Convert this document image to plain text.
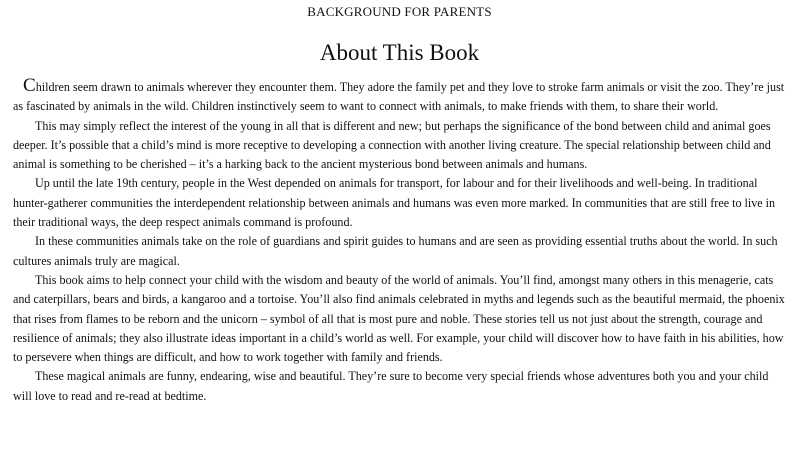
BACKGROUND FOR PARENTS
About This Book

Children seem drawn to animals wherever they encounter them. They adore the family pet and they love to stroke farm animals or visit the zoo. They’re just as fascinated by animals in the wild. Children instinctively seem to want to connect with animals, to make friends with them, to share their world.

This may simply reflect the interest of the young in all that is different and new; but perhaps the significance of the bond between child and animal goes deeper. It’s possible that a child’s mind is more receptive to developing a connection with another living creature. The special relationship between child and animal is something to be cherished – it’s a harking back to the ancient mysterious bond between animals and humans.

Up until the late 19th century, people in the West depended on animals for transport, for labour and for their livelihoods and well-being. In traditional hunter-gatherer communities the interdependent relationship between animals and humans was even more marked. In communities that are still free to live in their traditional ways, the deep respect animals command is profound.

In these communities animals take on the role of guardians and spirit guides to humans and are seen as providing essential truths about the world. In such cultures animals truly are magical.

This book aims to help connect your child with the wisdom and beauty of the world of animals. You’ll find, amongst many others in this menagerie, cats and caterpillars, bears and birds, a kangaroo and a tortoise. You’ll also find animals celebrated in myths and legends such as the beautiful mermaid, the phoenix that rises from flames to be reborn and the unicorn – symbol of all that is most pure and noble. These stories tell us not just about the strength, courage and resilience of animals; they also illustrate ideas important in a child’s world as well. For example, your child will discover how to have faith in his abilities, how to persevere when things are difficult, and how to work together with family and friends.

These magical animals are funny, endearing, wise and beautiful. They’re sure to become very special friends whose adventures both you and your child will love to read and re-read at bedtime.
